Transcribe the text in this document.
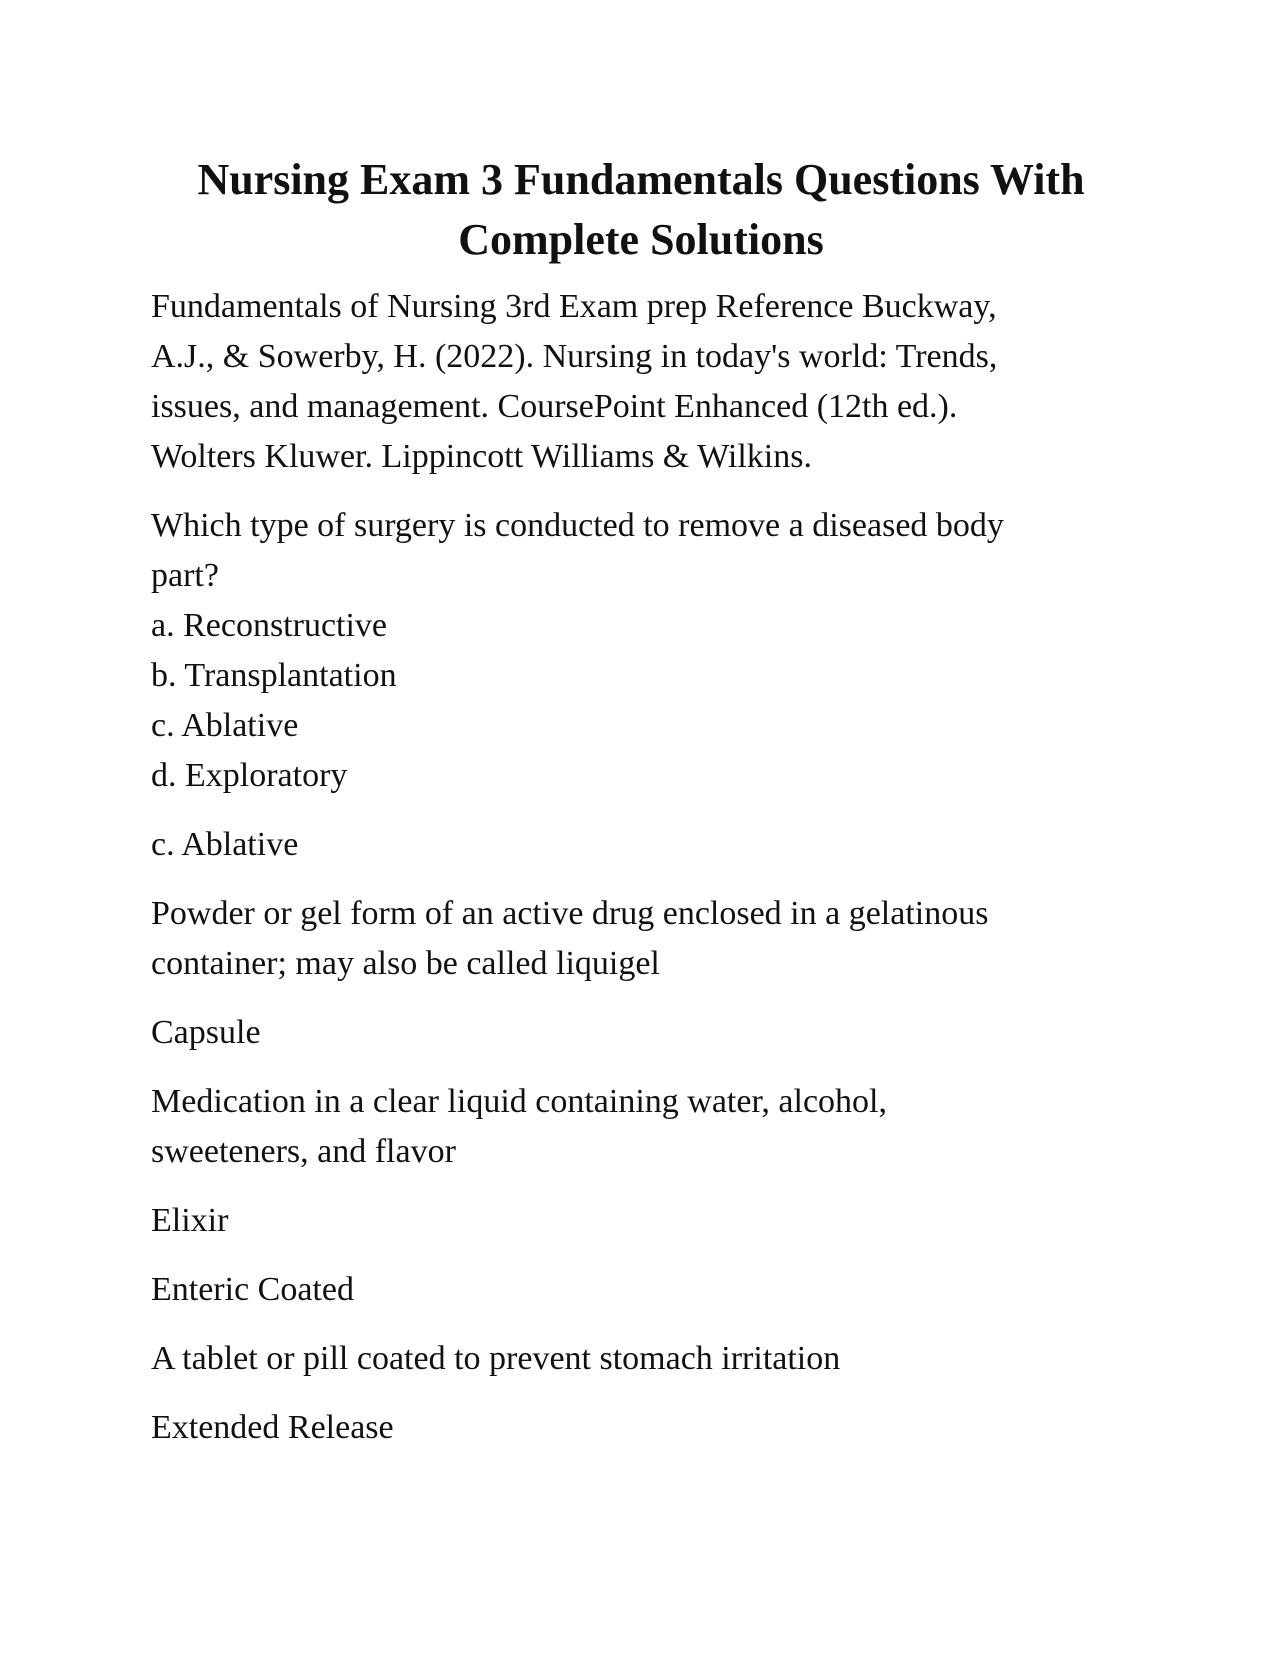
Nursing Exam 3 Fundamentals Questions With
Complete Solutions
Fundamentals of Nursing 3rd Exam prep Reference Buckway,
A.J., & Sowerby, H. (2022). Nursing in today's world: Trends,
issues, and management. CoursePoint Enhanced (12th ed.).
Wolters Kluwer. Lippincott Williams & Wilkins.
Which type of surgery is conducted to remove a diseased body
part?
a. Reconstructive
b. Transplantation
c. Ablative
d. Exploratory
c. Ablative
Powder or gel form of an active drug enclosed in a gelatinous
container; may also be called liquigel
Capsule
Medication in a clear liquid containing water, alcohol,
sweeteners, and flavor
Elixir
Enteric Coated
A tablet or pill coated to prevent stomach irritation
Extended Release
